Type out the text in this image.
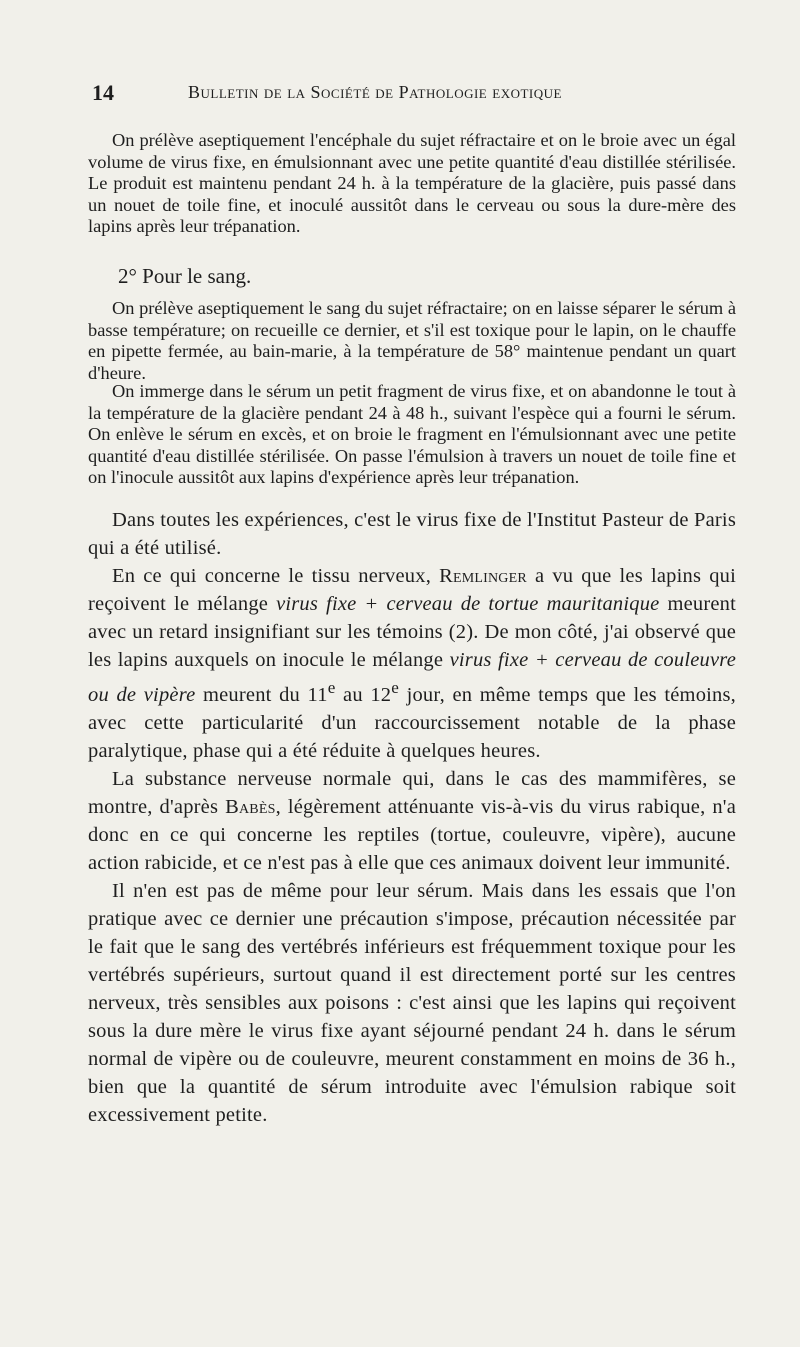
14	Bulletin de la Société de Pathologie exotique

On prélève aseptiquement l'encéphale du sujet réfractaire et on le broie avec un égal volume de virus fixe, en émulsionnant avec une petite quantité d'eau distillée stérilisée. Le produit est maintenu pendant 24 h. à la température de la glacière, puis passé dans un nouet de toile fine, et inoculé aussitôt dans le cerveau ou sous la dure-mère des lapins après leur trépanation.

2° Pour le sang.

On prélève aseptiquement le sang du sujet réfractaire; on en laisse séparer le sérum à basse température; on recueille ce dernier, et s'il est toxique pour le lapin, on le chauffe en pipette fermée, au bain-marie, à la température de 58° maintenue pendant un quart d'heure.

On immerge dans le sérum un petit fragment de virus fixe, et on abandonne le tout à la température de la glacière pendant 24 à 48 h., suivant l'espèce qui a fourni le sérum. On enlève le sérum en excès, et on broie le fragment en l'émulsionnant avec une petite quantité d'eau distillée stérilisée. On passe l'émulsion à travers un nouet de toile fine et on l'inocule aussitôt aux lapins d'expérience après leur trépanation.

Dans toutes les expériences, c'est le virus fixe de l'Institut Pasteur de Paris qui a été utilisé.

En ce qui concerne le tissu nerveux, Remlinger a vu que les lapins qui reçoivent le mélange virus fixe + cerveau de tortue mauritanique meurent avec un retard insignifiant sur les témoins (2). De mon côté, j'ai observé que les lapins auxquels on inocule le mélange virus fixe + cerveau de couleuvre ou de vipère meurent du 11e au 12e jour, en même temps que les témoins, avec cette particularité d'un raccourcissement notable de la phase paralytique, phase qui a été réduite à quelques heures.

La substance nerveuse normale qui, dans le cas des mammifères, se montre, d'après Babès, légèrement atténuante vis-à-vis du virus rabique, n'a donc en ce qui concerne les reptiles (tortue, couleuvre, vipère), aucune action rabicide, et ce n'est pas à elle que ces animaux doivent leur immunité.

Il n'en est pas de même pour leur sérum. Mais dans les essais que l'on pratique avec ce dernier une précaution s'impose, précaution nécessitée par le fait que le sang des vertébrés inférieurs est fréquemment toxique pour les vertébrés supérieurs, surtout quand il est directement porté sur les centres nerveux, très sensibles aux poisons : c'est ainsi que les lapins qui reçoivent sous la dure mère le virus fixe ayant séjourné pendant 24 h. dans le sérum normal de vipère ou de couleuvre, meurent constamment en moins de 36 h., bien que la quantité de sérum introduite avec l'émulsion rabique soit excessivement petite.
